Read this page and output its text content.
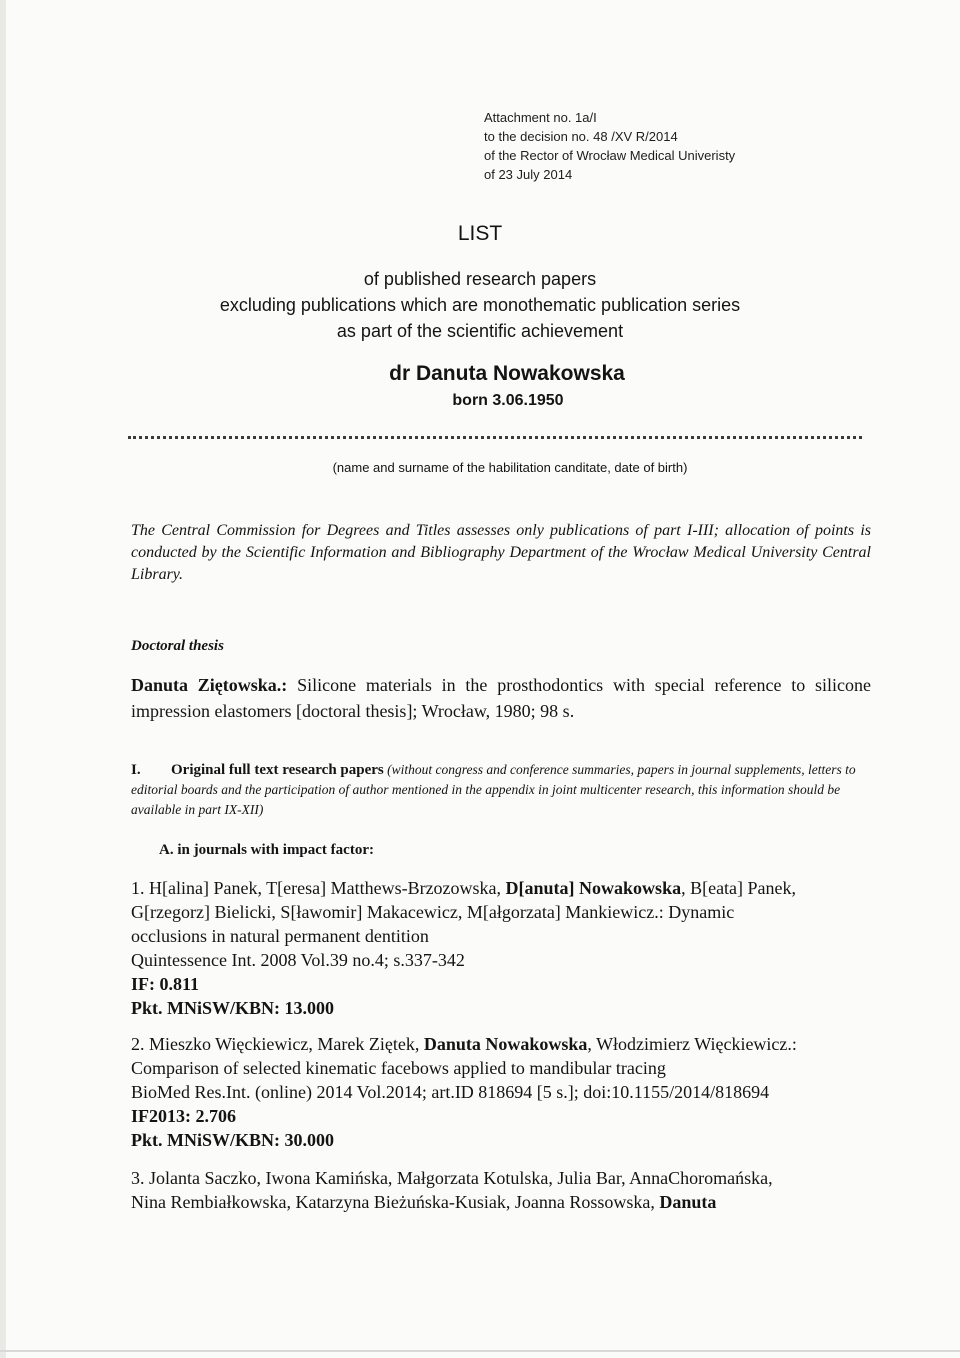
Attachment no. 1a/I
to the decision no. 48 /XV R/2014
of the Rector of Wrocław Medical Univeristy
of 23 July 2014
LIST
of published research papers
excluding publications which are monothematic publication series
as part of the scientific achievement
dr Danuta Nowakowska
born 3.06.1950
(name and surname of the habilitation canditate, date of birth)
The Central Commission for Degrees and Titles assesses only publications of part I-III; allocation of points is conducted by the Scientific Information and Bibliography Department of the Wrocław Medical University Central Library.
Doctoral thesis
Danuta Ziętowska.: Silicone materials in the prosthodontics with special reference to silicone impression elastomers [doctoral thesis]; Wrocław, 1980; 98 s.
I. Original full text research papers (without congress and conference summaries, papers in journal supplements, letters to editorial boards and the participation of author mentioned in the appendix in joint multicenter research, this information should be available in part IX-XII)
A. in journals with impact factor:
1. H[alina] Panek, T[eresa] Matthews-Brzozowska, D[anuta] Nowakowska, B[eata] Panek,
G[rzegorz] Bielicki, S[ławomir] Makacewicz, M[ałgorzata] Mankiewicz.: Dynamic
occlusions in natural permanent dentition
Quintessence Int. 2008 Vol.39 no.4; s.337-342
IF: 0.811
Pkt. MNiSW/KBN: 13.000
2. Mieszko Więckiewicz, Marek Ziętek, Danuta Nowakowska, Włodzimierz Więckiewicz.:
Comparison of selected kinematic facebows applied to mandibular tracing
BioMed Res.Int. (online) 2014 Vol.2014; art.ID 818694 [5 s.]; doi:10.1155/2014/818694
IF2013: 2.706
Pkt. MNiSW/KBN: 30.000
3. Jolanta Saczko, Iwona Kamińska, Małgorzata Kotulska, Julia Bar, AnnaChoromańska,
Nina Rembiałkowska, Katarzyna Bieżuńska-Kusiak, Joanna Rossowska, Danuta
